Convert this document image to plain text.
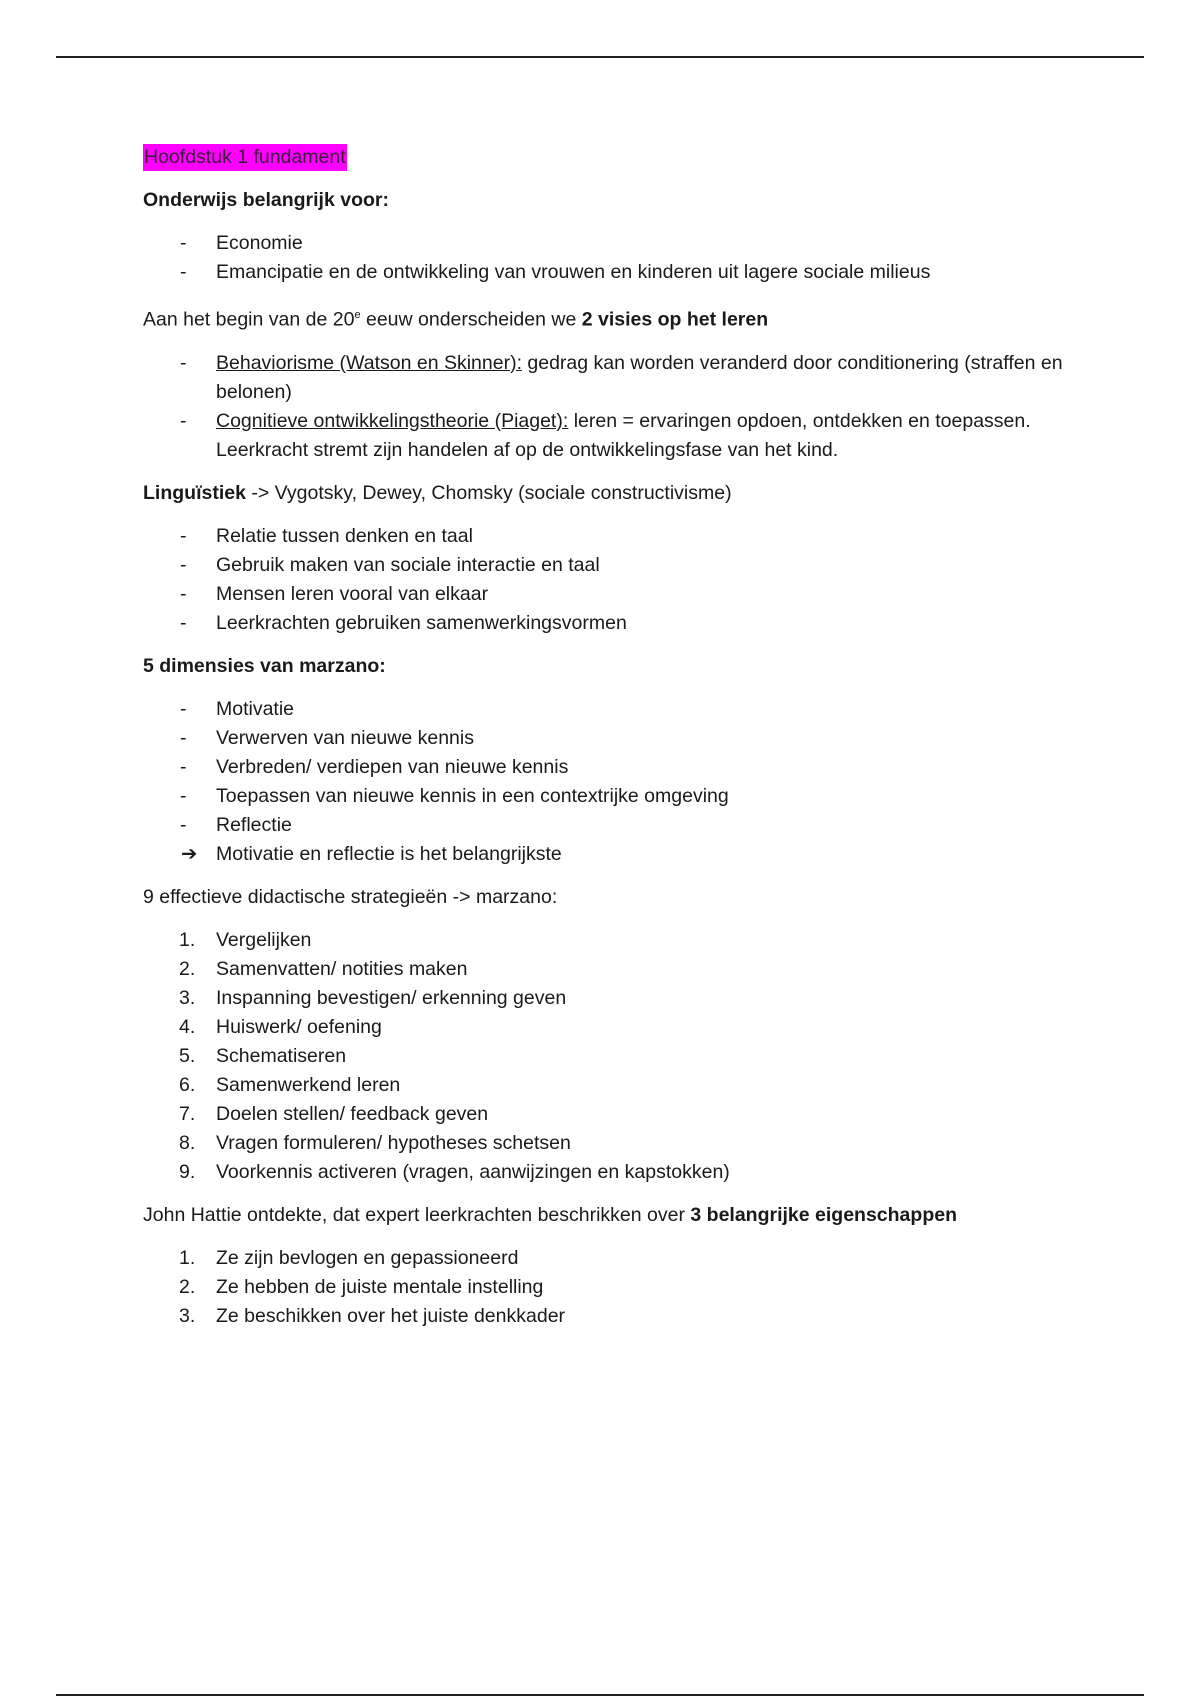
Hoofdstuk 1 fundament

Onderwijs belangrijk voor:

- Economie
- Emancipatie en de ontwikkeling van vrouwen en kinderen uit lagere sociale milieus

Aan het begin van de 20e eeuw onderscheiden we 2 visies op het leren

- Behaviorisme (Watson en Skinner): gedrag kan worden veranderd door conditionering (straffen en belonen)
- Cognitieve ontwikkelingstheorie (Piaget): leren = ervaringen opdoen, ontdekken en toepassen. Leerkracht stremt zijn handelen af op de ontwikkelingsfase van het kind.

Linguïstiek -> Vygotsky, Dewey, Chomsky (sociale constructivisme)

- Relatie tussen denken en taal
- Gebruik maken van sociale interactie en taal
- Mensen leren vooral van elkaar
- Leerkrachten gebruiken samenwerkingsvormen

5 dimensies van marzano:

- Motivatie
- Verwerven van nieuwe kennis
- Verbreden/ verdiepen van nieuwe kennis
- Toepassen van nieuwe kennis in een contextrijke omgeving
- Reflectie
➔ Motivatie en reflectie is het belangrijkste

9 effectieve didactische strategieën -> marzano:

1. Vergelijken
2. Samenvatten/ notities maken
3. Inspanning bevestigen/ erkenning geven
4. Huiswerk/ oefening
5. Schematiseren
6. Samenwerkend leren
7. Doelen stellen/ feedback geven
8. Vragen formuleren/ hypotheses schetsen
9. Voorkennis activeren (vragen, aanwijzingen en kapstokken)

John Hattie ontdekte, dat expert leerkrachten beschrikken over 3 belangrijke eigenschappen

1. Ze zijn bevlogen en gepassioneerd
2. Ze hebben de juiste mentale instelling
3. Ze beschikken over het juiste denkkader
